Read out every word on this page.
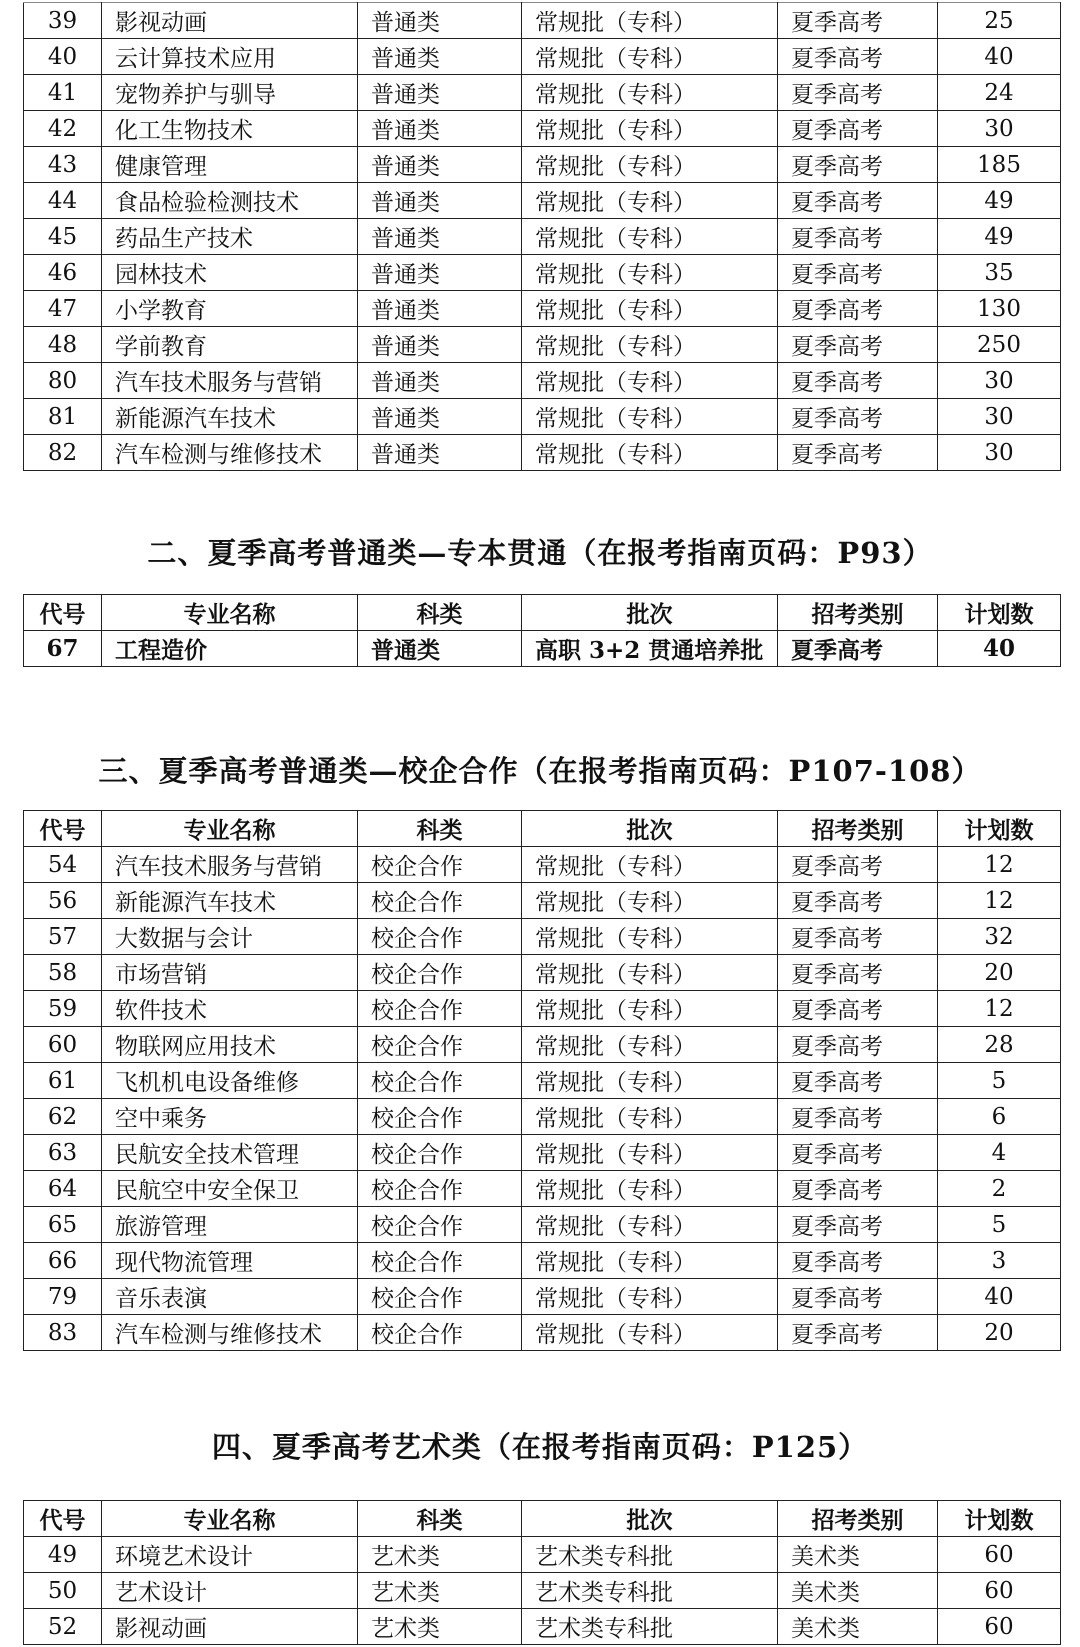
39	影视动画	普通类	常规批（专科）	夏季高考	25
40	云计算技术应用	普通类	常规批（专科）	夏季高考	40
41	宠物养护与驯导	普通类	常规批（专科）	夏季高考	24
42	化工生物技术	普通类	常规批（专科）	夏季高考	30
43	健康管理	普通类	常规批（专科）	夏季高考	185
44	食品检验检测技术	普通类	常规批（专科）	夏季高考	49
45	药品生产技术	普通类	常规批（专科）	夏季高考	49
46	园林技术	普通类	常规批（专科）	夏季高考	35
47	小学教育	普通类	常规批（专科）	夏季高考	130
48	学前教育	普通类	常规批（专科）	夏季高考	250
80	汽车技术服务与营销	普通类	常规批（专科）	夏季高考	30
81	新能源汽车技术	普通类	常规批（专科）	夏季高考	30
82	汽车检测与维修技术	普通类	常规批（专科）	夏季高考	30
二、夏季高考普通类—专本贯通（在报考指南页码：P93）
代号	专业名称	科类	批次	招考类别	计划数
67	工程造价	普通类	高职 3+2 贯通培养批	夏季高考	40
三、夏季高考普通类—校企合作（在报考指南页码：P107-108）
代号	专业名称	科类	批次	招考类别	计划数
54	汽车技术服务与营销	校企合作	常规批（专科）	夏季高考	12
56	新能源汽车技术	校企合作	常规批（专科）	夏季高考	12
57	大数据与会计	校企合作	常规批（专科）	夏季高考	32
58	市场营销	校企合作	常规批（专科）	夏季高考	20
59	软件技术	校企合作	常规批（专科）	夏季高考	12
60	物联网应用技术	校企合作	常规批（专科）	夏季高考	28
61	飞机机电设备维修	校企合作	常规批（专科）	夏季高考	5
62	空中乘务	校企合作	常规批（专科）	夏季高考	6
63	民航安全技术管理	校企合作	常规批（专科）	夏季高考	4
64	民航空中安全保卫	校企合作	常规批（专科）	夏季高考	2
65	旅游管理	校企合作	常规批（专科）	夏季高考	5
66	现代物流管理	校企合作	常规批（专科）	夏季高考	3
79	音乐表演	校企合作	常规批（专科）	夏季高考	40
83	汽车检测与维修技术	校企合作	常规批（专科）	夏季高考	20
四、夏季高考艺术类（在报考指南页码：P125）
代号	专业名称	科类	批次	招考类别	计划数
49	环境艺术设计	艺术类	艺术类专科批	美术类	60
50	艺术设计	艺术类	艺术类专科批	美术类	60
52	影视动画	艺术类	艺术类专科批	美术类	60
